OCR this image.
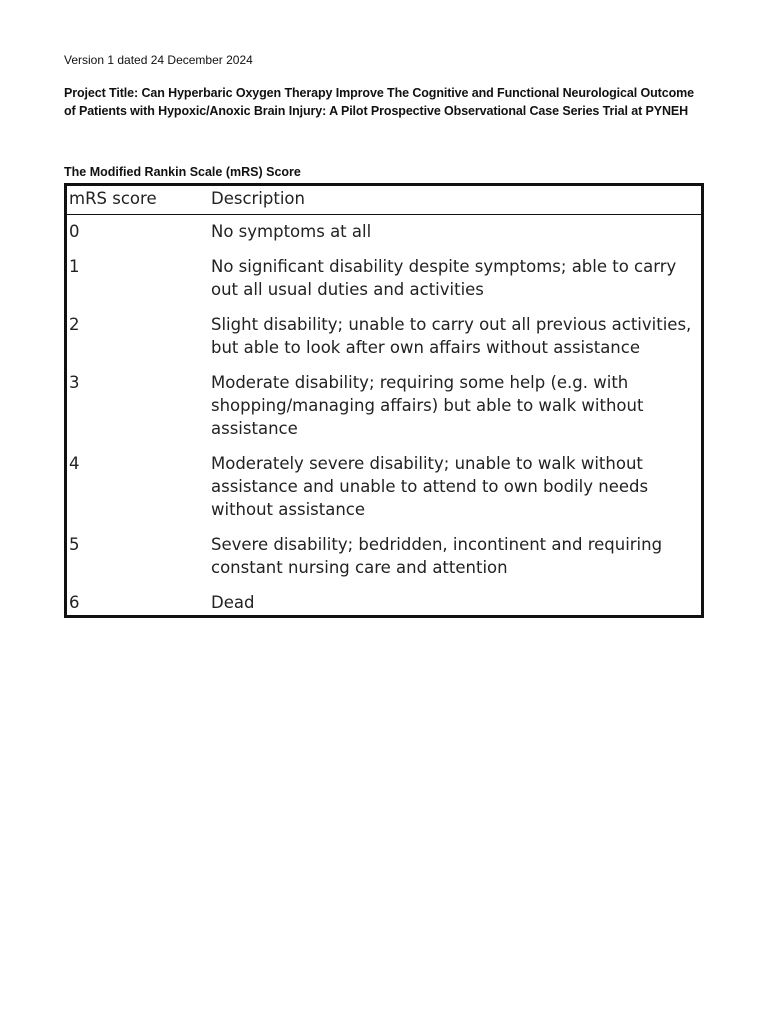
Version 1 dated 24 December 2024
Project Title: Can Hyperbaric Oxygen Therapy Improve The Cognitive and Functional Neurological Outcome of Patients with Hypoxic/Anoxic Brain Injury: A Pilot Prospective Observational Case Series Trial at PYNEH
The Modified Rankin Scale (mRS) Score
mRS score	Description
0	No symptoms at all
1	No significant disability despite symptoms; able to carry out all usual duties and activities
2	Slight disability; unable to carry out all previous activities, but able to look after own affairs without assistance
3	Moderate disability; requiring some help (e.g. with shopping/managing affairs) but able to walk without assistance
4	Moderately severe disability; unable to walk without assistance and unable to attend to own bodily needs without assistance
5	Severe disability; bedridden, incontinent and requiring constant nursing care and attention
6	Dead
